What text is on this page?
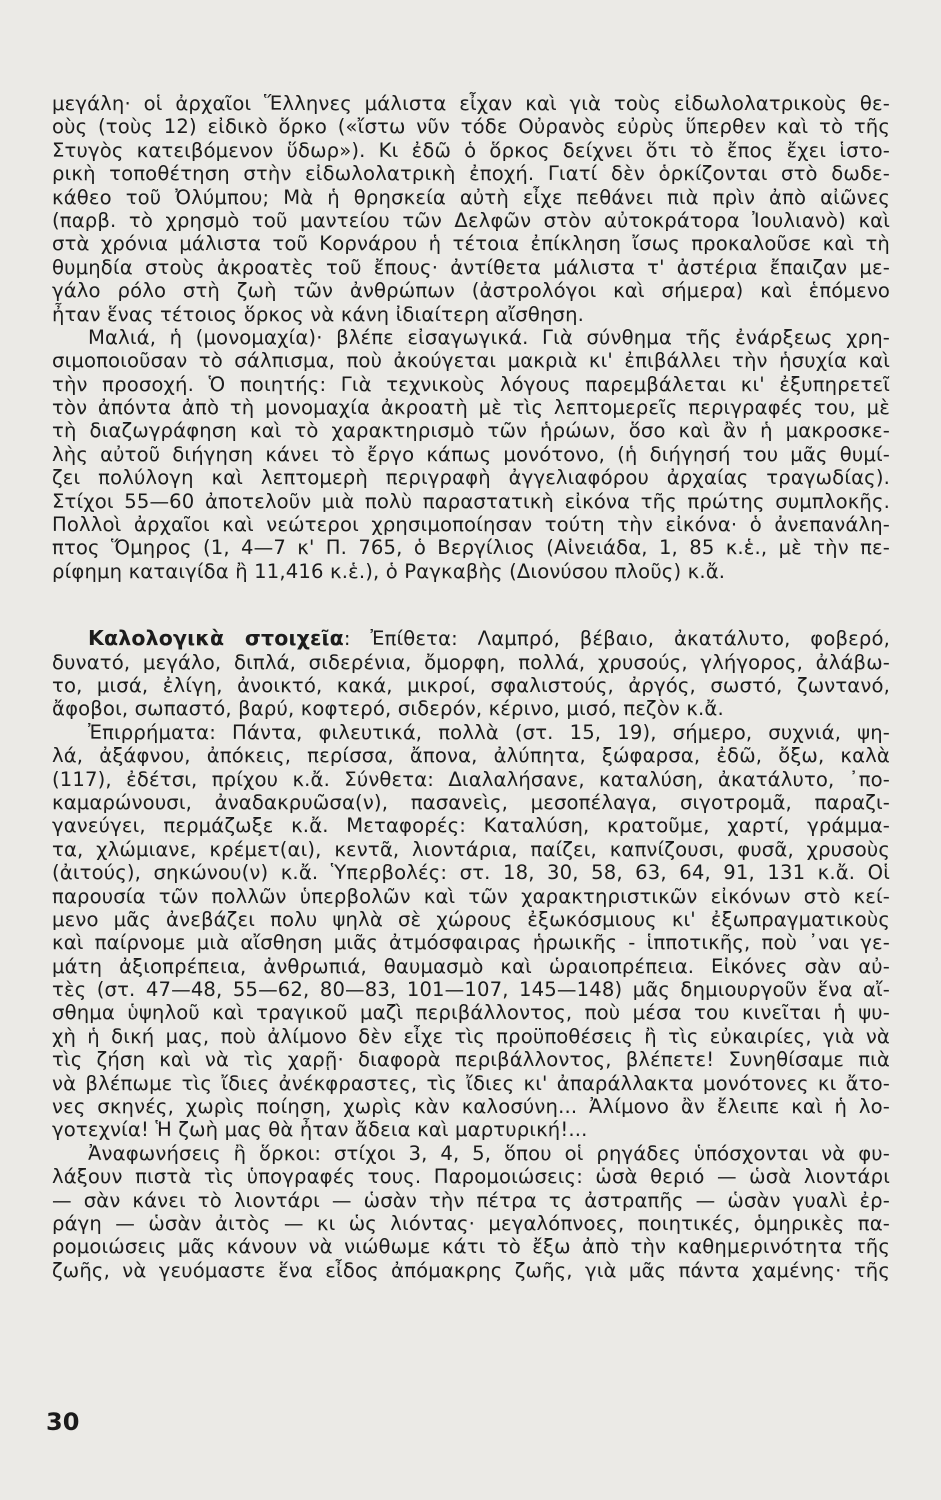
μεγάλη· οἱ ἀρχαῖοι Ἕλληνες μάλιστα εἶχαν καὶ γιὰ τοὺς εἰδωλολατρικοὺς θε-
οὺς (τοὺς 12) εἰδικὸ ὅρκο («ἴστω νῦν τόδε Οὐρανὸς εὐρὺς ὕπερθεν καὶ τὸ τῆς
Στυγὸς κατειβόμενον ὕδωρ»). Κι ἐδῶ ὁ ὅρκος δείχνει ὅτι τὸ ἔπος ἔχει ἱστο-
ρικὴ τοποθέτηση στὴν εἰδωλολατρικὴ ἐποχή. Γιατί δὲν ὁρκίζονται στὸ δωδε-
κάθεο τοῦ Ὀλύμπου; Μὰ ἡ θρησκεία αὐτὴ εἶχε πεθάνει πιὰ πρὶν ἀπὸ αἰῶνες
(παρβ. τὸ χρησμὸ τοῦ μαντείου τῶν Δελφῶν στὸν αὐτοκράτορα Ἰουλιανὸ) καὶ
στὰ χρόνια μάλιστα τοῦ Κορνάρου ἡ τέτοια ἐπίκληση ἴσως προκαλοῦσε καὶ τὴ
θυμηδία στοὺς ἀκροατὲς τοῦ ἔπους· ἀντίθετα μάλιστα τ' ἀστέρια ἔπαιζαν με-
γάλο ρόλο στὴ ζωὴ τῶν ἀνθρώπων (ἀστρολόγοι καὶ σήμερα) καὶ ἑπόμενο
ἦταν ἕνας τέτοιος ὅρκος νὰ κάνη ἰδιαίτερη αἴσθηση.
Μαλιά, ἡ (μονομαχία)· βλέπε εἰσαγωγικά. Γιὰ σύνθημα τῆς ἐνάρξεως χρη-
σιμοποιοῦσαν τὸ σάλπισμα, ποὺ ἀκούγεται μακριὰ κι' ἐπιβάλλει τὴν ἡσυχία καὶ
τὴν προσοχή. Ὁ ποιητής: Γιὰ τεχνικοὺς λόγους παρεμβάλεται κι' ἐξυπηρετεῖ
τὸν ἀπόντα ἀπὸ τὴ μονομαχία ἀκροατὴ μὲ τὶς λεπτομερεῖς περιγραφές του, μὲ
τὴ διαζωγράφηση καὶ τὸ χαρακτηρισμὸ τῶν ἡρώων, ὅσο καὶ ἂν ἡ μακροσκε-
λὴς αὐτοῦ διήγηση κάνει τὸ ἔργο κάπως μονότονο, (ἡ διήγησή του μᾶς θυμί-
ζει πολύλογη καὶ λεπτομερὴ περιγραφὴ ἀγγελιαφόρου ἀρχαίας τραγωδίας).
Στίχοι 55—60 ἀποτελοῦν μιὰ πολὺ παραστατικὴ εἰκόνα τῆς πρώτης συμπλοκῆς.
Πολλοὶ ἀρχαῖοι καὶ νεώτεροι χρησιμοποίησαν τούτη τὴν εἰκόνα· ὁ ἀνεπανάλη-
πτος Ὅμηρος (1, 4—7 κ' Π. 765, ὁ Βεργίλιος (Αἰνειάδα, 1, 85 κ.ἑ., μὲ τὴν πε-
ρίφημη καταιγίδα ἢ 11,416 κ.ἑ.), ὁ Ραγκαβὴς (Διονύσου πλοῦς) κ.ἄ.
Καλολογικὰ στοιχεῖα: Ἐπίθετα: Λαμπρό, βέβαιο, ἀκατάλυτο, φοβερό,
δυνατό, μεγάλο, διπλά, σιδερένια, ὄμορφη, πολλά, χρυσούς, γλήγορος, ἀλάβω-
το, μισά, ἐλίγη, ἀνοικτό, κακά, μικροί, σφαλιστούς, ἀργός, σωστό, ζωντανό,
ἄφοβοι, σωπαστό, βαρύ, κοφτερό, σιδερόν, κέρινο, μισό, πεζὸν κ.ἄ.
Ἐπιρρήματα: Πάντα, φιλευτικά, πολλὰ (στ. 15, 19), σήμερο, συχνιά, ψη-
λά, ἀξάφνου, ἀπόκεις, περίσσα, ἄπονα, ἀλύπητα, ξώφαρσα, ἐδῶ, ὄξω, καλὰ
(117), ἐδέτσι, πρίχου κ.ἄ. Σύνθετα: Διαλαλήσανε, καταλύση, ἀκατάλυτο, ᾿πο-
καμαρώνουσι, ἀναδακρυῶσα(ν), πασανεὶς, μεσοπέλαγα, σιγοτρομᾶ, παραζι-
γανεύγει, περμάζωξε κ.ἄ. Μεταφορές: Καταλύση, κρατοῦμε, χαρτί, γράμμα-
τα, χλώμιανε, κρέμετ(αι), κεντᾶ, λιοντάρια, παίζει, καπνίζουσι, φυσᾶ, χρυσοὺς
(ἀιτούς), σηκώνου(ν) κ.ἄ. Ὑπερβολές: στ. 18, 30, 58, 63, 64, 91, 131 κ.ἄ. Οἱ
παρουσία τῶν πολλῶν ὑπερβολῶν καὶ τῶν χαρακτηριστικῶν εἰκόνων στὸ κεί-
μενο μᾶς ἀνεβάζει πολυ ψηλὰ σὲ χώρους ἐξωκόσμιους κι' ἐξωπραγματικοὺς
καὶ παίρνομε μιὰ αἴσθηση μιᾶς ἀτμόσφαιρας ἡρωικῆς - ἱπποτικῆς, ποὺ ᾿ναι γε-
μάτη ἀξιοπρέπεια, ἀνθρωπιά, θαυμασμὸ καὶ ὡραιοπρέπεια. Εἰκόνες σὰν αὐ-
τὲς (στ. 47—48, 55—62, 80—83, 101—107, 145—148) μᾶς δημιουργοῦν ἕνα αἴ-
σθημα ὑψηλοῦ καὶ τραγικοῦ μαζὶ περιβάλλοντος, ποὺ μέσα του κινεῖται ἡ ψυ-
χὴ ἡ δική μας, ποὺ ἀλίμονο δὲν εἶχε τὶς προϋποθέσεις ἢ τὶς εὐκαιρίες, γιὰ νὰ
τὶς ζήση καὶ νὰ τὶς χαρῇ· διαφορὰ περιβάλλοντος, βλέπετε! Συνηθίσαμε πιὰ
νὰ βλέπωμε τὶς ἴδιες ἀνέκφραστες, τὶς ἴδιες κι' ἀπαράλλακτα μονότονες κι ἄτο-
νες σκηνές, χωρὶς ποίηση, χωρὶς κὰν καλοσύνη... Ἀλίμονο ἂν ἔλειπε καὶ ἡ λο-
γοτεχνία! Ἡ ζωὴ μας θὰ ἦταν ἄδεια καὶ μαρτυρική!...
Ἀναφωνήσεις ἢ ὅρκοι: στίχοι 3, 4, 5, ὅπου οἱ ρηγάδες ὑπόσχονται νὰ φυ-
λάξουν πιστὰ τὶς ὑπογραφές τους. Παρομοιώσεις: ὡσὰ θεριό — ὡσὰ λιοντάρι
— σὰν κάνει τὸ λιοντάρι — ὡσὰν τὴν πέτρα τς ἀστραπῆς — ὡσὰν γυαλὶ ἐρ-
ράγη — ὡσὰν ἀιτὸς — κι ὡς λιόντας· μεγαλόπνοες, ποιητικές, ὁμηρικὲς πα-
ρομοιώσεις μᾶς κάνουν νὰ νιώθωμε κάτι τὸ ἔξω ἀπὸ τὴν καθημερινότητα τῆς
ζωῆς, νὰ γευόμαστε ἕνα εἶδος ἀπόμακρης ζωῆς, γιὰ μᾶς πάντα χαμένης· τῆς
30
